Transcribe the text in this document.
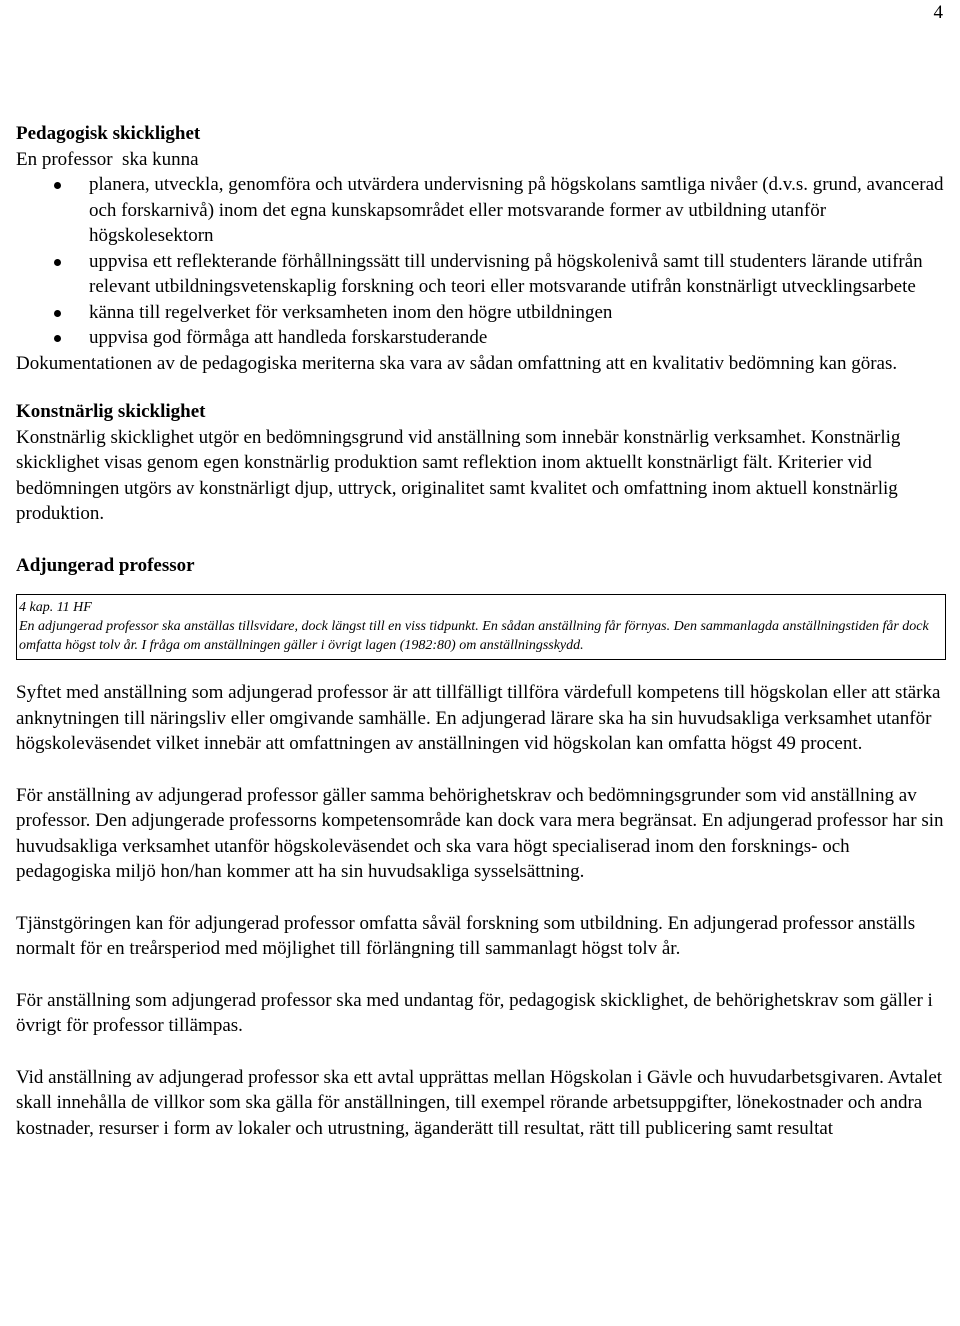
4

Pedagogisk skicklighet

En professor  ska kunna

planera, utveckla, genomföra och utvärdera undervisning på högskolans samtliga nivåer (d.v.s. grund, avancerad och forskarnivå) inom det egna kunskapsområdet eller motsvarande former av utbildning utanför högskolesektorn
uppvisa ett reflekterande förhållningssätt till undervisning på högskolenivå samt till studenters lärande utifrån relevant utbildningsvetenskaplig forskning och teori eller motsvarande utifrån konstnärligt utvecklingsarbete
känna till regelverket för verksamheten inom den högre utbildningen
uppvisa god förmåga att handleda forskarstuderande

Dokumentationen av de pedagogiska meriterna ska vara av sådan omfattning att en kvalitativ bedömning kan göras.

Konstnärlig skicklighet

Konstnärlig skicklighet utgör en bedömningsgrund vid anställning som innebär konstnärlig verksamhet. Konstnärlig skicklighet visas genom egen konstnärlig produktion samt reflektion inom aktuellt konstnärligt fält. Kriterier vid bedömningen utgörs av konstnärligt djup, uttryck, originalitet samt kvalitet och omfattning inom aktuell konstnärlig produktion.

Adjungerad professor

4 kap. 11 HF
En adjungerad professor ska anställas tillsvidare, dock längst till en viss tidpunkt. En sådan anställning får förnyas. Den sammanlagda anställningstiden får dock omfatta högst tolv år. I fråga om anställningen gäller i övrigt lagen (1982:80) om anställningsskydd.

Syftet med anställning som adjungerad professor är att tillfälligt tillföra värdefull kompetens till högskolan eller att stärka anknytningen till näringsliv eller omgivande samhälle. En adjungerad lärare ska ha sin huvudsakliga verksamhet utanför högskoleväsendet vilket innebär att omfattningen av anställningen vid högskolan kan omfatta högst 49 procent.

För anställning av adjungerad professor gäller samma behörighetskrav och bedömningsgrunder som vid anställning av professor. Den adjungerade professorns kompetensområde kan dock vara mera begränsat. En adjungerad professor har sin huvudsakliga verksamhet utanför högskoleväsendet och ska vara högt specialiserad inom den forsknings- och pedagogiska miljö hon/han kommer att ha sin huvudsakliga sysselsättning.

Tjänstgöringen kan för adjungerad professor omfatta såväl forskning som utbildning. En adjungerad professor anställs normalt för en treårsperiod med möjlighet till förlängning till sammanlagt högst tolv år.

För anställning som adjungerad professor ska med undantag för, pedagogisk skicklighet, de behörighetskrav som gäller i övrigt för professor tillämpas.

Vid anställning av adjungerad professor ska ett avtal upprättas mellan Högskolan i Gävle och huvudarbetsgivaren. Avtalet skall innehålla de villkor som ska gälla för anställningen, till exempel rörande arbetsuppgifter, lönekostnader och andra kostnader, resurser i form av lokaler och utrustning, äganderätt till resultat, rätt till publicering samt resultat
